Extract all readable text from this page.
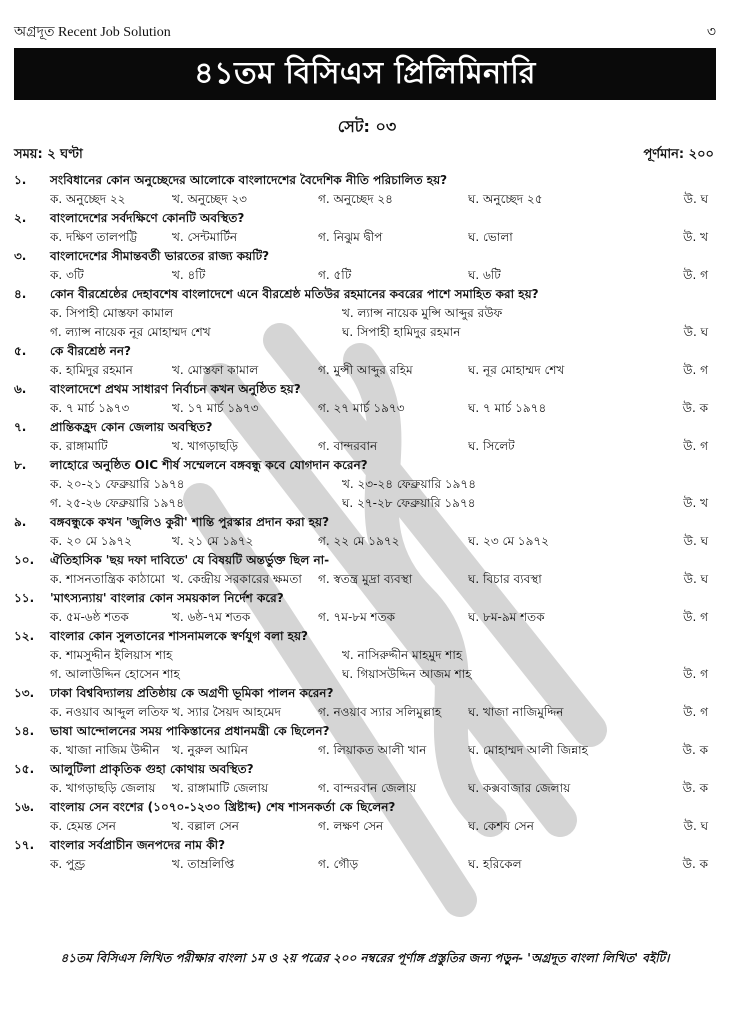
অগ্রদূত Recent Job Solution	৩
৪১তম বিসিএস প্রিলিমিনারি
সেট: ০৩
সময়: ২ ঘণ্টা	পূর্ণমান: ২০০
১.	সংবিধানের কোন অনুচ্ছেদের আলোকে বাংলাদেশের বৈদেশিক নীতি পরিচালিত হয়?
ক. অনুচ্ছেদ ২২	খ. অনুচ্ছেদ ২৩	গ. অনুচ্ছেদ ২৪	ঘ. অনুচ্ছেদ ২৫	উ. ঘ
২.	বাংলাদেশের সর্বদক্ষিণে কোনটি অবস্থিত?
ক. দক্ষিণ তালপট্টি	খ. সেন্টমার্টিন	গ. নিঝুম দ্বীপ	ঘ. ভোলা	উ. খ
৩.	বাংলাদেশের সীমান্তবর্তী ভারতের রাজ্য কয়টি?
ক. ৩টি	খ. ৪টি	গ. ৫টি	ঘ. ৬টি	উ. গ
৪.	কোন বীরশ্রেষ্ঠের দেহাবশেষ বাংলাদেশে এনে বীরশ্রেষ্ঠ মতিউর রহমানের কবরের পাশে সমাহিত করা হয়?
ক. সিপাহী মোস্তফা কামাল	খ. ল্যান্স নায়েক মুন্সি আব্দুর রউফ
গ. ল্যান্স নায়েক নূর মোহাম্মদ শেখ	ঘ. সিপাহী হামিদুর রহমান	উ. ঘ
৫.	কে বীরশ্রেষ্ঠ নন?
ক. হামিদুর রহমান	খ. মোস্তফা কামাল	গ. মুন্সী আব্দুর রহিম	ঘ. নূর মোহাম্মদ শেখ	উ. গ
৬.	বাংলাদেশে প্রথম সাধারণ নির্বাচন কখন অনুষ্ঠিত হয়?
ক. ৭ মার্চ ১৯৭৩	খ. ১৭ মার্চ ১৯৭৩	গ. ২৭ মার্চ ১৯৭৩	ঘ. ৭ মার্চ ১৯৭৪	উ. ক
৭.	প্রান্তিকহ্রদ কোন জেলায় অবস্থিত?
ক. রাঙ্গামাটি	খ. খাগড়াছড়ি	গ. বান্দরবান	ঘ. সিলেট	উ. গ
৮.	লাহোরে অনুষ্ঠিত OIC শীর্ষ সম্মেলনে বঙ্গবন্ধু কবে যোগদান করেন?
ক. ২০-২১ ফেব্রুয়ারি ১৯৭৪	খ. ২৩-২৪ ফেব্রুয়ারি ১৯৭৪
গ. ২৫-২৬ ফেব্রুয়ারি ১৯৭৪	ঘ. ২৭-২৮ ফেব্রুয়ারি ১৯৭৪	উ. খ
৯.	বঙ্গবন্ধুকে কখন 'জুলিও কুরী' শান্তি পুরস্কার প্রদান করা হয়?
ক. ২০ মে ১৯৭২	খ. ২১ মে ১৯৭২	গ. ২২ মে ১৯৭২	ঘ. ২৩ মে ১৯৭২	উ. ঘ
১০.	ঐতিহাসিক 'ছয় দফা দাবিতে' যে বিষয়টি অন্তর্ভুক্ত ছিল না-
ক. শাসনতান্ত্রিক কাঠামো খ. কেন্দ্রীয় সরকারের ক্ষমতা	গ. স্বতন্ত্র মুদ্রা ব্যবস্থা	ঘ. বিচার ব্যবস্থা	উ. ঘ
১১.	'মাৎস্যন্যায়' বাংলার কোন সময়কাল নির্দেশ করে?
ক. ৫ম-৬ষ্ঠ শতক	খ. ৬ষ্ঠ-৭ম শতক	গ. ৭ম-৮ম শতক	ঘ. ৮ম-৯ম শতক	উ. গ
১২.	বাংলার কোন সুলতানের শাসনামলকে স্বর্ণযুগ বলা হয়?
ক. শামসুদ্দীন ইলিয়াস শাহ	খ. নাসিরুদ্দীন মাহমুদ শাহ
গ. আলাউদ্দিন হোসেন শাহ	ঘ. গিয়াসউদ্দিন আজম শাহ	উ. গ
১৩.	ঢাকা বিশ্ববিদ্যালয় প্রতিষ্ঠায় কে অগ্রণী ভূমিকা পালন করেন?
ক. নওয়াব আব্দুল লতিফ খ. স্যার সৈয়দ আহমেদ	গ. নওয়াব স্যার সলিমুল্লাহ	ঘ. খাজা নাজিমুদ্দিন	উ. গ
১৪.	ভাষা আন্দোলনের সময় পাকিস্তানের প্রধানমন্ত্রী কে ছিলেন?
ক. খাজা নাজিম উদ্দীন	খ. নুরুল আমিন	গ. লিয়াকত আলী খান	ঘ. মোহাম্মদ আলী জিন্নাহ	উ. ক
১৫.	আলুটিলা প্রাকৃতিক গুহা কোথায় অবস্থিত?
ক. খাগড়াছড়ি জেলায়	খ. রাঙ্গামাটি জেলায়	গ. বান্দরবান জেলায়	ঘ. কক্সবাজার জেলায়	উ. ক
১৬.	বাংলায় সেন বংশের (১০৭০-১২৩০ খ্রিষ্টাব্দ) শেষ শাসনকর্তা কে ছিলেন?
ক. হেমন্ত সেন	খ. বল্লাল সেন	গ. লক্ষণ সেন	ঘ. কেশব সেন	উ. ঘ
১৭.	বাংলার সর্বপ্রাচীন জনপদের নাম কী?
ক. পুণ্ড্র	খ. তাম্রলিপ্তি	গ. গৌড়	ঘ. হরিকেল	উ. ক
৪১তম বিসিএস লিখিত পরীক্ষার বাংলা ১ম ও ২য় পত্রের ২০০ নম্বরের পূর্ণাঙ্গ প্রস্তুতির জন্য পড়ুন- 'অগ্রদূত বাংলা লিখিত' বইটি।
